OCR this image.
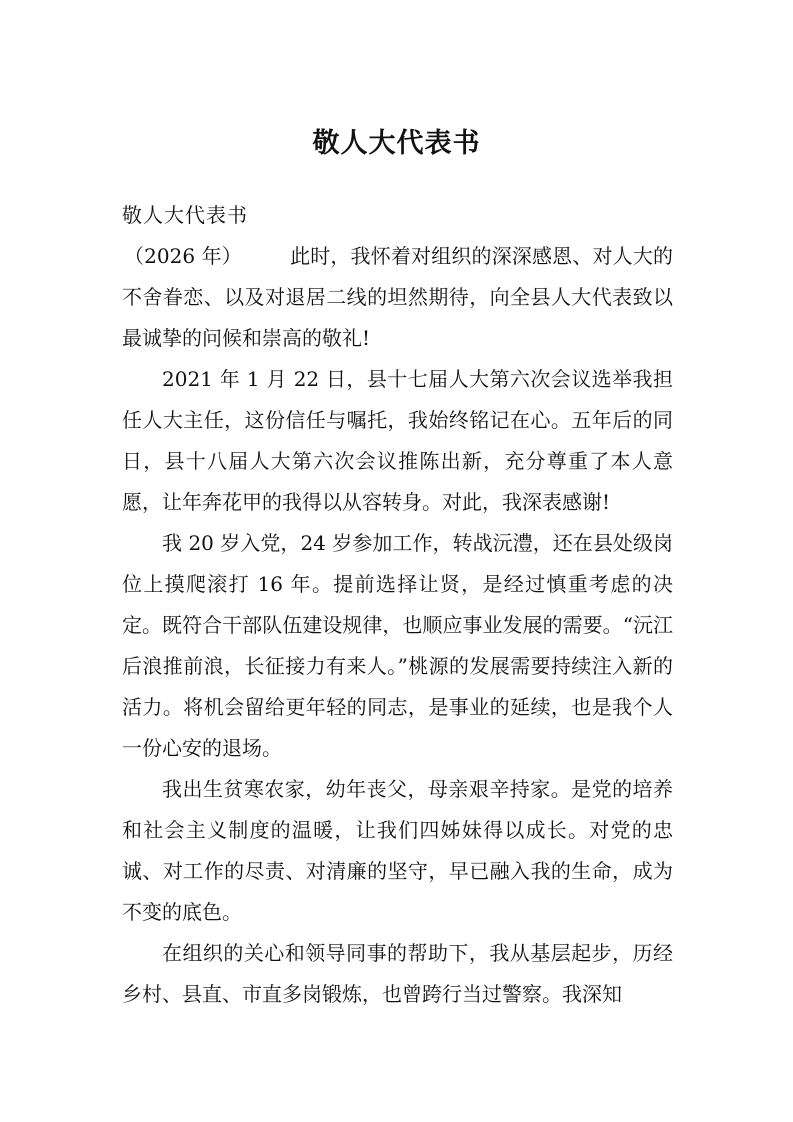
敬人大代表书

敬人大代表书

（2026 年） 此时，我怀着对组织的深深感恩、对人大的不舍眷恋、以及对退居二线的坦然期待，向全县人大代表致以最诚挚的问候和崇高的敬礼!

2021 年 1 月 22 日，县十七届人大第六次会议选举我担任人大主任，这份信任与嘱托，我始终铭记在心。五年后的同日，县十八届人大第六次会议推陈出新，充分尊重了本人意愿，让年奔花甲的我得以从容转身。对此，我深表感谢!

我 20 岁入党，24 岁参加工作，转战沅澧，还在县处级岗位上摸爬滚打 16 年。提前选择让贤，是经过慎重考虑的决定。既符合干部队伍建设规律，也顺应事业发展的需要。“沅江后浪推前浪，长征接力有来人。”桃源的发展需要持续注入新的活力。将机会留给更年轻的同志，是事业的延续，也是我个人一份心安的退场。

我出生贫寒农家，幼年丧父，母亲艰辛持家。是党的培养和社会主义制度的温暖，让我们四姊妹得以成长。对党的忠诚、对工作的尽责、对清廉的坚守，早已融入我的生命，成为不变的底色。

在组织的关心和领导同事的帮助下，我从基层起步，历经乡村、县直、市直多岗锻炼，也曾跨行当过警察。我深知
